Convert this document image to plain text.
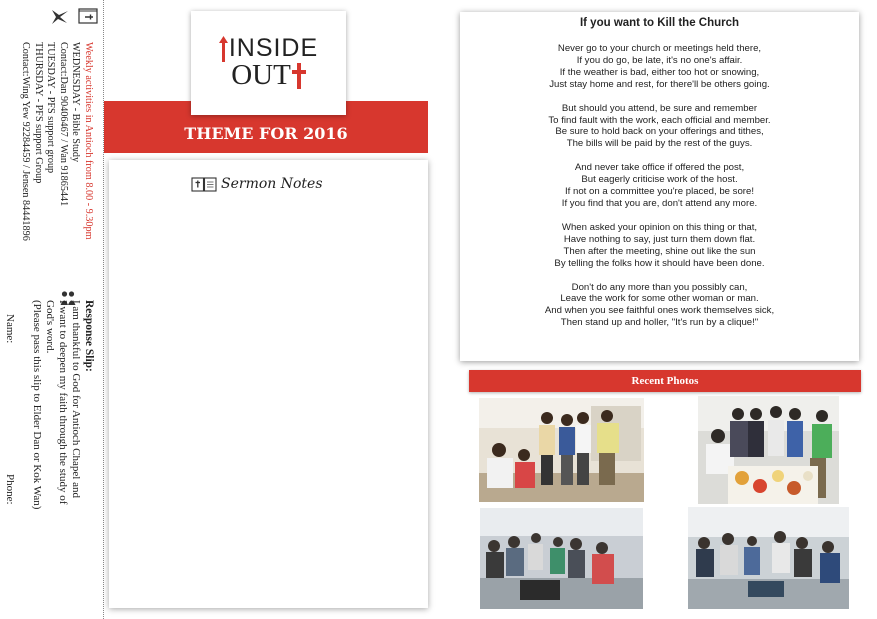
Weekly activities in Antioch from 8.00 - 9.30pm
WEDNESDAY - Bible Study
Contact:Dan 90406467 / Wan 91865441
TUESDAY - PFS support group
THURSDAY - PFS support Group
Contact:Wing Yew 92284459 / Jensen 84441896
Response Slip:
I am thankful to God for Antioch Chapel and
I want to deepen my faith through the study of God's word.
(Please pass this slip to Elder Dan or Kok Wan)
Name:
Phone:
THEME FOR 2016
INSIDE
OUT
Sermon Notes
If you want to Kill the Church
Never go to your church or meetings held there,
If you do go, be late, it's no one's affair.
If the weather is bad, either too hot or snowing,
Just stay home and rest, for there'll be others going.
But should you attend, be sure and remember
To find fault with the work, each official and member.
Be sure to hold back on your offerings and tithes,
The bills will be paid by the rest of the guys.
And never take office if offered the post,
But eagerly criticise work of the host.
If not on a committee you're placed, be sore!
If you find that you are, don't attend any more.
When asked your opinion on this thing or that,
Have nothing to say, just turn them down flat.
Then after the meeting, shine out like the sun
By telling the folks how it should have been done.
Don't do any more than you possibly can,
Leave the work for some other woman or man.
And when you see faithful ones work themselves sick,
Then stand up and holler, "It's run by a clique!"
Recent Photos
